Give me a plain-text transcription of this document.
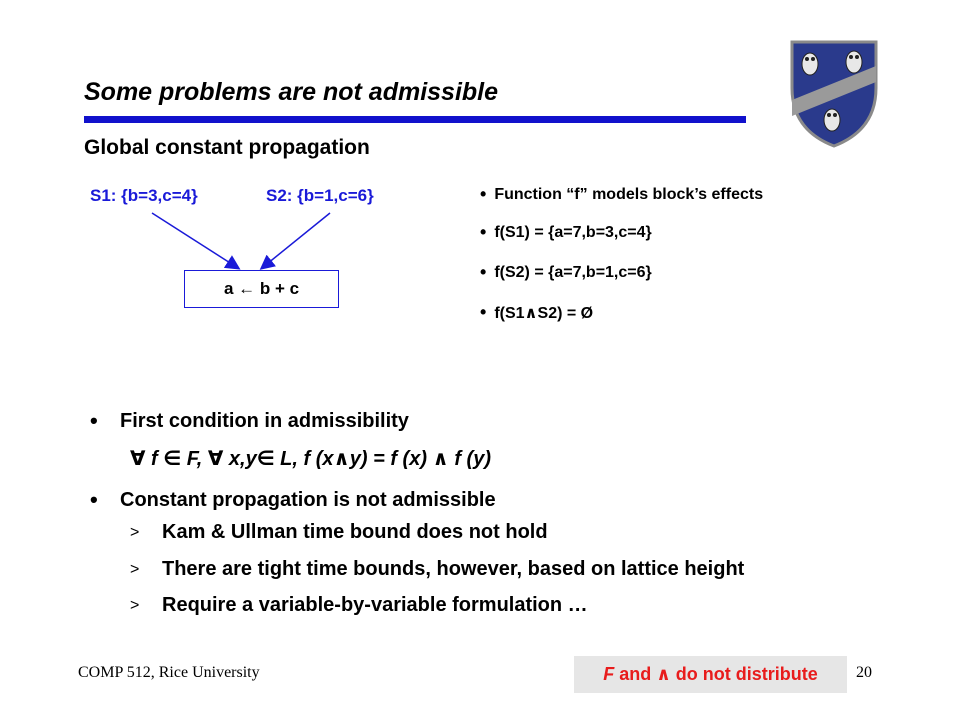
Some problems are not admissible
Global constant propagation
S1: {b=3,c=4}	S2: {b=1,c=6}
a ← b + c
• Function “f” models block’s effects
• f(S1) = {a=7,b=3,c=4}
• f(S2) = {a=7,b=1,c=6}
• f(S1∧S2) = Ø
•	First condition in admissibility
∀ f ∈ F, ∀ x,y∈ L, f (x∧y) = f (x) ∧ f (y)
•	Constant propagation is not admissible
>	Kam & Ullman time bound does not hold
>	There are tight time bounds, however, based on lattice height
>	Require a variable-by-variable formulation …
COMP 512, Rice University	F and ∧ do not distribute 20
